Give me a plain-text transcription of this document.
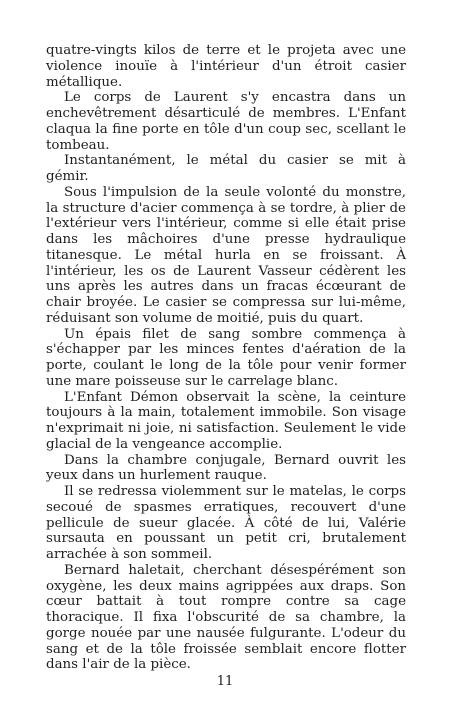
quatre-vingts kilos de terre et le projeta avec une violence inouïe à l'intérieur d'un étroit casier métallique.

Le corps de Laurent s'y encastra dans un enchevêtrement désarticulé de membres. L'Enfant claqua la fine porte en tôle d'un coup sec, scellant le tombeau.

Instantanément, le métal du casier se mit à gémir.

Sous l'impulsion de la seule volonté du monstre, la structure d'acier commença à se tordre, à plier de l'extérieur vers l'intérieur, comme si elle était prise dans les mâchoires d'une presse hydraulique titanesque. Le métal hurla en se froissant. À l'intérieur, les os de Laurent Vasseur cédèrent les uns après les autres dans un fracas écœurant de chair broyée. Le casier se compressa sur lui-même, réduisant son volume de moitié, puis du quart.

Un épais filet de sang sombre commença à s'échapper par les minces fentes d'aération de la porte, coulant le long de la tôle pour venir former une mare poisseuse sur le carrelage blanc.

L'Enfant Démon observait la scène, la ceinture toujours à la main, totalement immobile. Son visage n'exprimait ni joie, ni satisfaction. Seulement le vide glacial de la vengeance accomplie.

Dans la chambre conjugale, Bernard ouvrit les yeux dans un hurlement rauque.

Il se redressa violemment sur le matelas, le corps secoué de spasmes erratiques, recouvert d'une pellicule de sueur glacée. À côté de lui, Valérie sursauta en poussant un petit cri, brutalement arrachée à son sommeil.

Bernard haletait, cherchant désespérément son oxygène, les deux mains agrippées aux draps. Son cœur battait à tout rompre contre sa cage thoracique. Il fixa l'obscurité de sa chambre, la gorge nouée par une nausée fulgurante. L'odeur du sang et de la tôle froissée semblait encore flotter dans l'air de la pièce.

11
